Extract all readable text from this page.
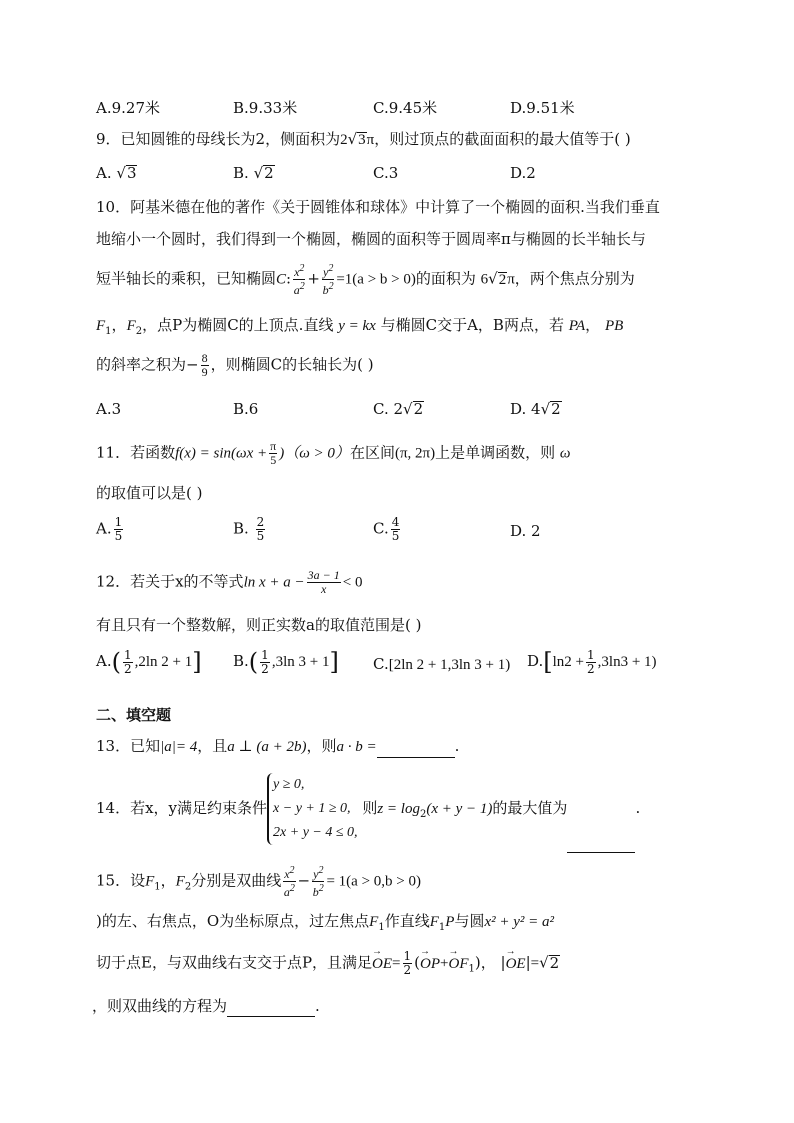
A.9.27米	B.9.33米	C.9.45米	D.9.51米
9．已知圆锥的母线长为2，侧面积为2√3π，则过顶点的截面面积的最大值等于( )
A. √3	B. √2	C.3	D.2
10．阿基米德在他的著作《关于圆锥体和球体》中计算了一个椭圆的面积.当我们垂直
地缩小一个圆时，我们得到一个椭圆，椭圆的面积等于圆周率π与椭圆的长半轴长与
短半轴长的乘积，已知椭圆C: $\frac{x^2}{a^2} + \frac{y^2}{b^2} =1(a > b > 0)$的面积为 6√2π，两个焦点分别为
$F_1$，$F_2$，点P为椭圆C的上顶点.直线 y = kx 与椭圆C交于A，B两点，若 PA， PB
的斜率之积为− $\frac{8}{9}$ ，则椭圆C的长轴长为( )
A.3	B.6	C. 2√2	D. 4√2
11．若函数$f(x) = \sin(\omega x + \frac{\pi}{5} )(\omega > 0)$在区间(π, 2π)上是单调函数，则 ω
的取值可以是( )
A. $\frac{1}{5}$	B. $\frac{2}{5}$	C. $\frac{4}{5}$	D. 2
12．若关于x的不等式$\ln x + a - \frac{3a - 1}{x} < 0$
有且只有一个整数解，则正实数a的取值范围是( )
$A.( \frac{1}{2} ,2\ln$ 2 + 1] $B.( \frac{1}{2} ,3\ln$ 3 + 1] C.[2ln 2 + 1,3ln 3 + 1) $D.[\ln 2 + \frac{1}{2} ,3\ln 3 + 1)$
二、填空题
13．已知|a|= 4，且a ⊥ (a + 2b)，则a · b =	.
14．若x，y满足约束条件
y ≥ 0,
x − y + 1 ≥ 0,
2x + y − 4 ≤ 0,
则$z = \log_2(x + y - 1)$的最大值为	.
15．设$F_1$，$F_2$分别是双曲线 $\frac{x^2}{a^2} - \frac{y^2}{b^2} = 1(a > 0,b > 0)$
)的左、右焦点，O为坐标原点，过左焦点$F_1$作直线$F_1P$与圆x² + y² = a²
切于点E，与双曲线右支交于点P，且满足→ $OE= \frac{1}{2}$ (→ $OP+\to OF_1$)， |→ OE|=√2
，则双曲线的方程为	.
